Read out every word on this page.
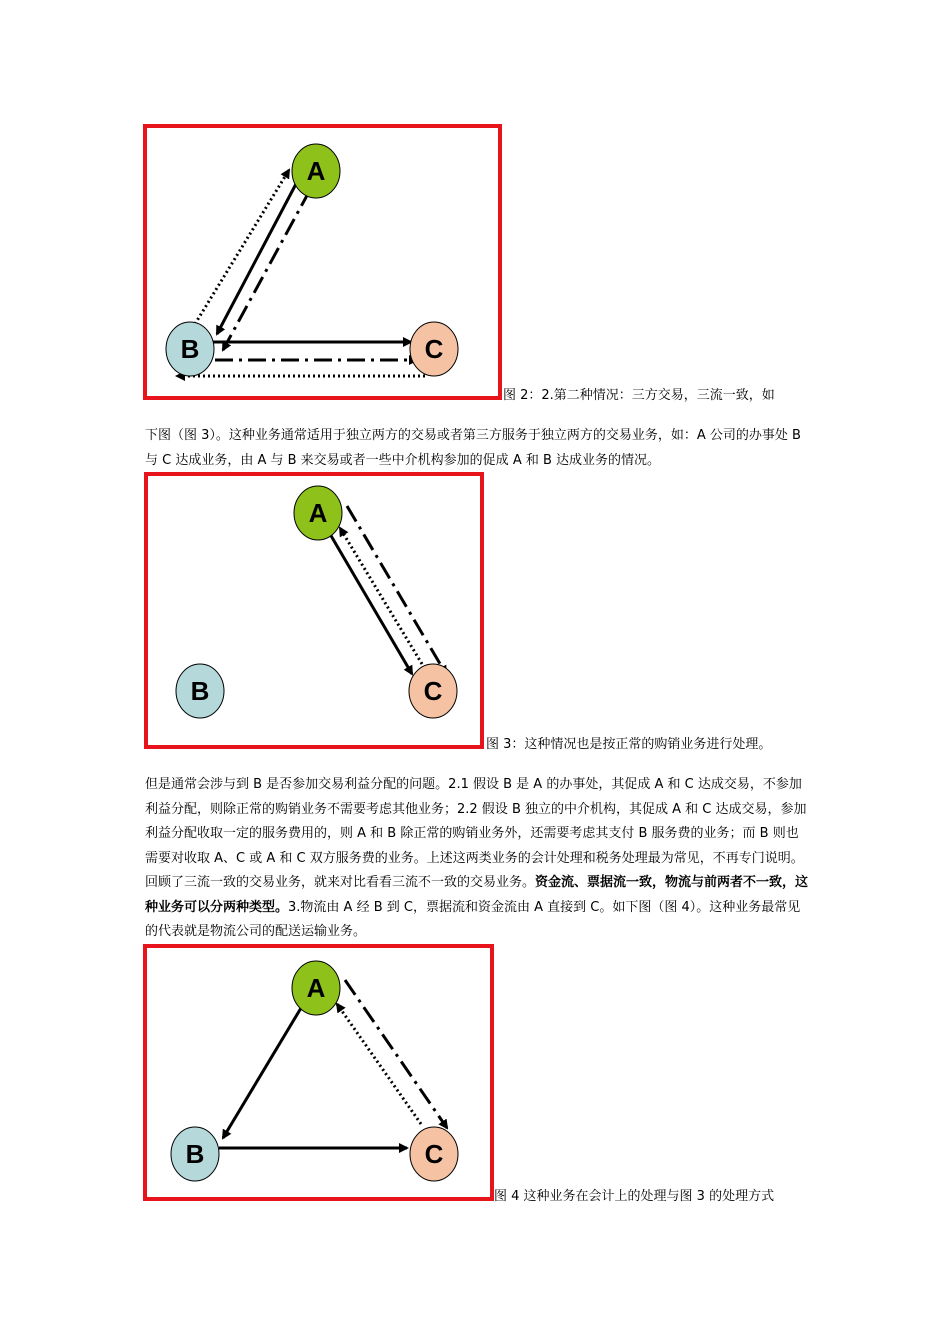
A
B	C
图 2：2.第二种情况：三方交易，三流一致，如
下图（图 3）。这种业务通常适用于独立两方的交易或者第三方服务于独立两方的交易业务，如：A 公司的办事处 B 与 C 达成业务，由 A 与 B 来交易或者一些中介机构参加的促成 A 和 B 达成业务的情况。
A
B	C
图 3：这种情况也是按正常的购销业务进行处理。
但是通常会涉与到 B 是否参加交易利益分配的问题。2.1 假设 B 是 A 的办事处，其促成 A 和 C 达成交易，不参加利益分配，则除正常的购销业务不需要考虑其他业务；2.2 假设 B 独立的中介机构，其促成 A 和 C 达成交易，参加利益分配收取一定的服务费用的，则 A 和 B 除正常的购销业务外，还需要考虑其支付 B 服务费的业务；而 B 则也需要对收取 A、C 或 A 和 C 双方服务费的业务。上述这两类业务的会计处理和税务处理最为常见，不再专门说明。回顾了三流一致的交易业务，就来对比看看三流不一致的交易业务。资金流、票据流一致，物流与前两者不一致，这种业务可以分两种类型。3.物流由 A 经 B 到 C，票据流和资金流由 A 直接到 C。如下图（图 4）。这种业务最常见的代表就是物流公司的配送运输业务。
A
B	C
图 4 这种业务在会计上的处理与图 3 的处理方式
